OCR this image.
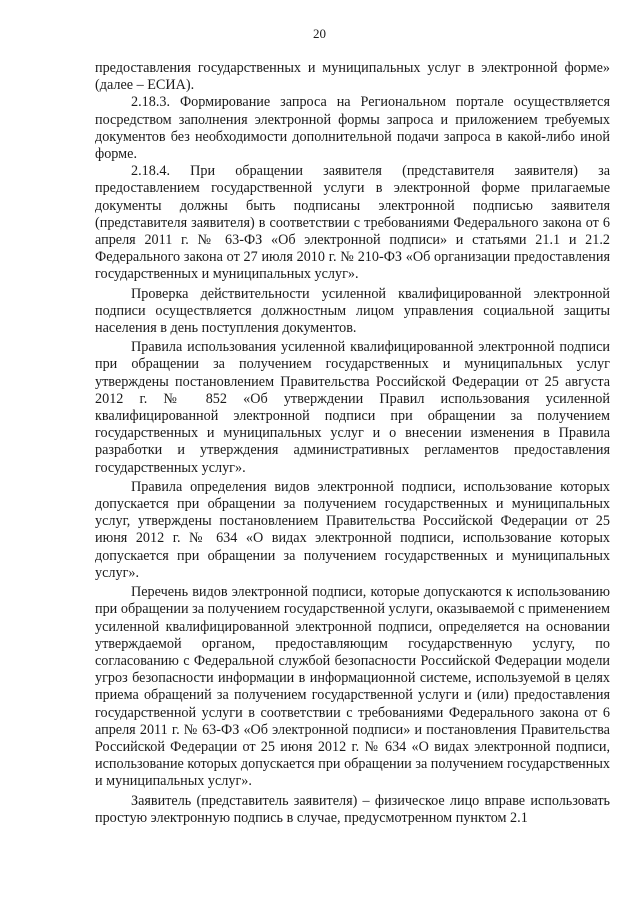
20

предоставления государственных и муниципальных услуг в электронной форме» (далее – ЕСИА).

2.18.3. Формирование запроса на Региональном портале осуществляется посредством заполнения электронной формы запроса и приложением требуемых документов без необходимости дополнительной подачи запроса в какой-либо иной форме.

2.18.4. При обращении заявителя (представителя заявителя) за предоставлением государственной услуги в электронной форме прилагаемые документы должны быть подписаны электронной подписью заявителя (представителя заявителя) в соответствии с требованиями Федерального закона от 6 апреля 2011 г. № 63-ФЗ «Об электронной подписи» и статьями 21.1 и 21.2 Федерального закона от 27 июля 2010 г. № 210-ФЗ «Об организации предоставления государственных и муниципальных услуг».

Проверка действительности усиленной квалифицированной электронной подписи осуществляется должностным лицом управления социальной защиты населения в день поступления документов.

Правила использования усиленной квалифицированной электронной подписи при обращении за получением государственных и муниципальных услуг утверждены постановлением Правительства Российской Федерации от 25 августа 2012 г. № 852 «Об утверждении Правил использования усиленной квалифицированной электронной подписи при обращении за получением государственных и муниципальных услуг и о внесении изменения в Правила разработки и утверждения административных регламентов предоставления государственных услуг».

Правила определения видов электронной подписи, использование которых допускается при обращении за получением государственных и муниципальных услуг, утверждены постановлением Правительства Российской Федерации от 25 июня 2012 г. № 634 «О видах электронной подписи, использование которых допускается при обращении за получением государственных и муниципальных услуг».

Перечень видов электронной подписи, которые допускаются к использованию при обращении за получением государственной услуги, оказываемой с применением усиленной квалифицированной электронной подписи, определяется на основании утверждаемой органом, предоставляющим государственную услугу, по согласованию с Федеральной службой безопасности Российской Федерации модели угроз безопасности информации в информационной системе, используемой в целях приема обращений за получением государственной услуги и (или) предоставления государственной услуги в соответствии с требованиями Федерального закона от 6 апреля 2011 г. № 63-ФЗ «Об электронной подписи» и постановления Правительства Российской Федерации от 25 июня 2012 г. № 634 «О видах электронной подписи, использование которых допускается при обращении за получением государственных и муниципальных услуг».

Заявитель (представитель заявителя) – физическое лицо вправе использовать простую электронную подпись в случае, предусмотренном пунктом 2.1
